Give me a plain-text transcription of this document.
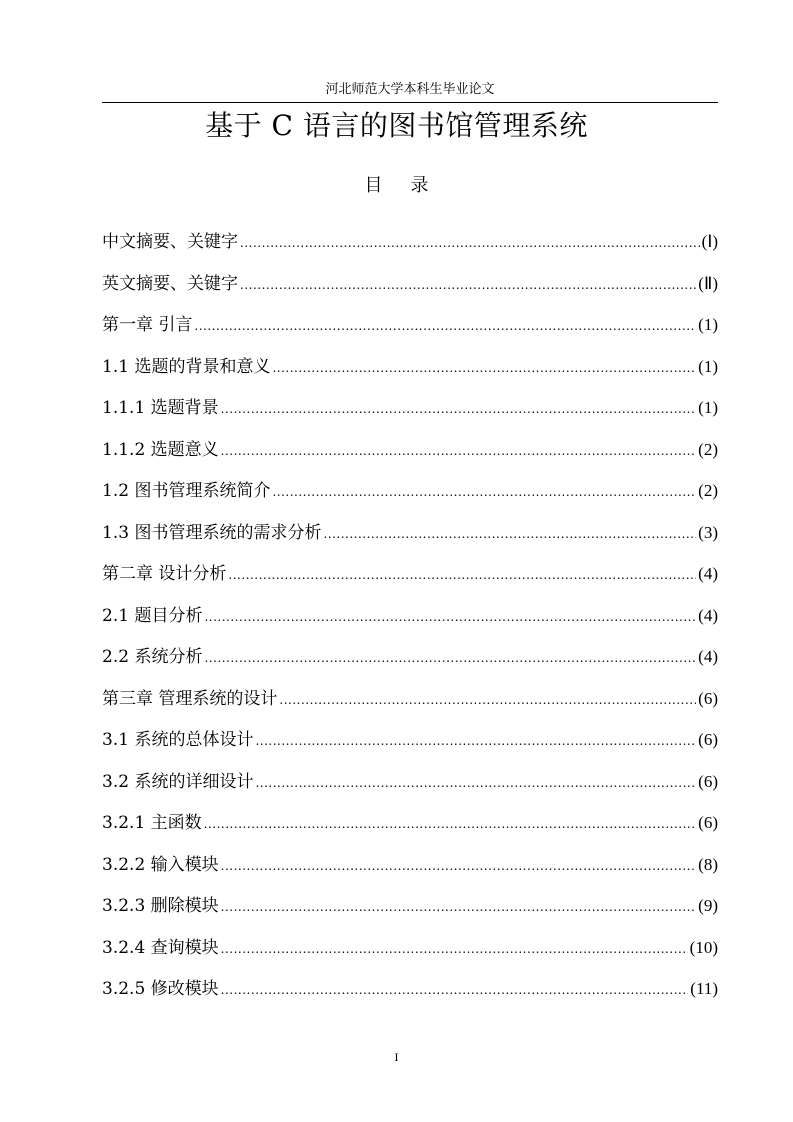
河北师范大学本科生毕业论文
基于 C 语言的图书馆管理系统
目 录
中文摘要、关键字 .....	(Ⅰ)
英文摘要、关键字 .....	(Ⅱ)
第一章 引言 .....	(1)
1.1 选题的背景和意义 .....	(1)
1.1.1 选题背景 .....	(1)
1.1.2 选题意义 .....	(2)
1.2 图书管理系统简介 .....	(2)
1.3 图书管理系统的需求分析 .....	(3)
第二章 设计分析 .....	(4)
2.1 题目分析 .....	(4)
2.2 系统分析 .....	(4)
第三章 管理系统的设计 .....	(6)
3.1 系统的总体设计 .....	(6)
3.2 系统的详细设计 .....	(6)
3.2.1 主函数 .....	(6)
3.2.2 输入模块 .....	(8)
3.2.3 删除模块 .....	(9)
3.2.4 查询模块 .....	(10)
3.2.5 修改模块 .....	(11)
I
